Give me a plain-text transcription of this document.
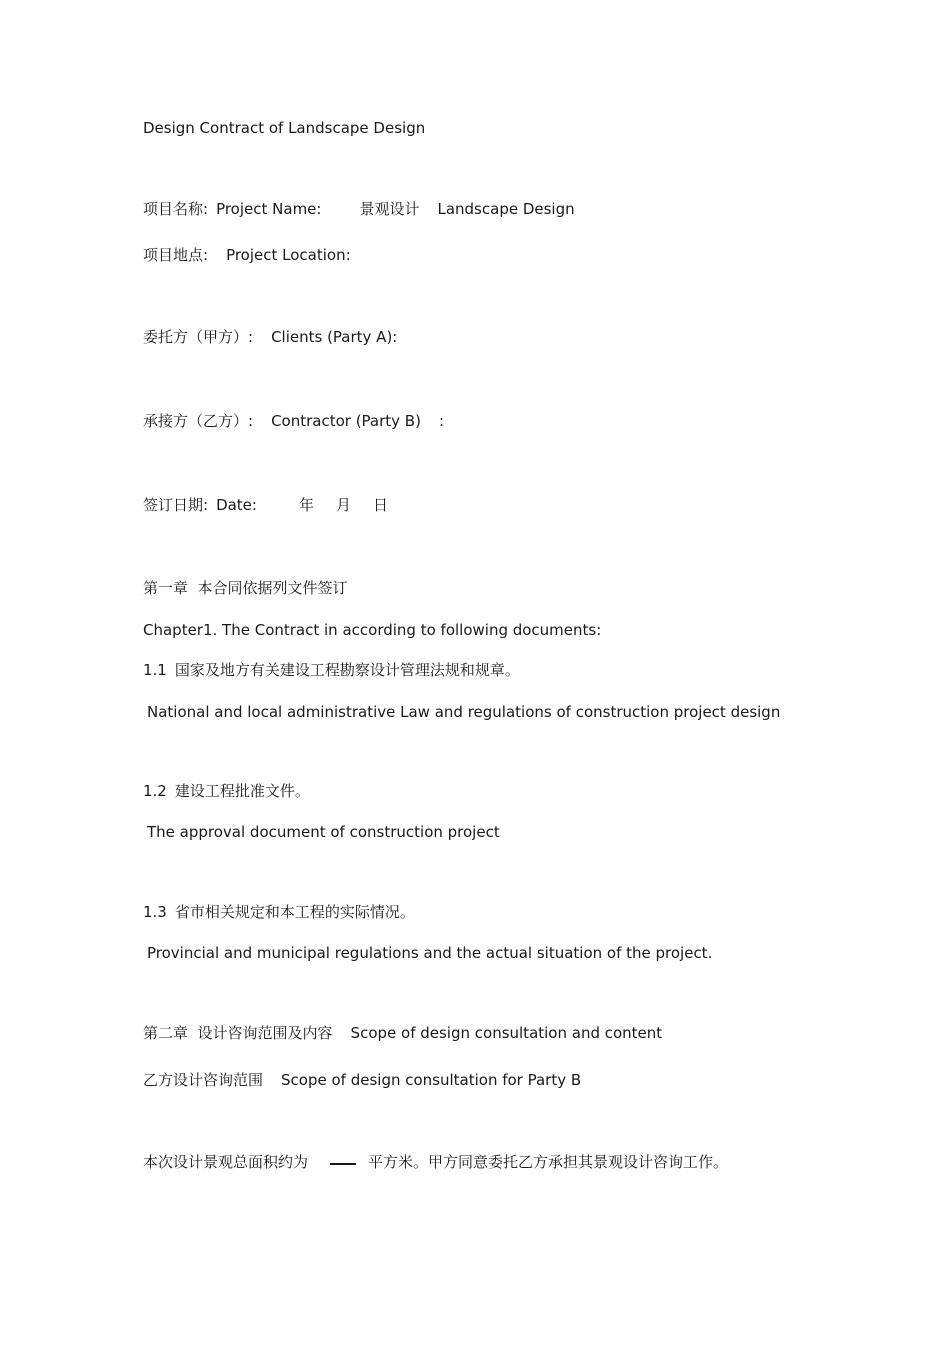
Design Contract of Landscape Design
项目名称: Project Name:	景观设计 Landscape Design
项目地点: Project Location:
委托方（甲方）: Clients (Party A):
承接方（乙方）: Contractor (Party B) :
签订日期: Date:	年 月 日
第一章  本合同依据列文件签订
Chapter1. The Contract in according to following documents:
1.1 国家及地方有关建设工程勘察设计管理法规和规章。
National and local administrative Law and regulations of construction project design
1.2 建设工程批准文件。
The approval document of construction project
1.3 省市相关规定和本工程的实际情况。
Provincial and municipal regulations and the actual situation of the project.
第二章  设计咨询范围及内容 Scope of design consultation and content
乙方设计咨询范围 Scope of design consultation for Party B
本次设计景观总面积约为	平方米。甲方同意委托乙方承担其景观设计咨询工作。
